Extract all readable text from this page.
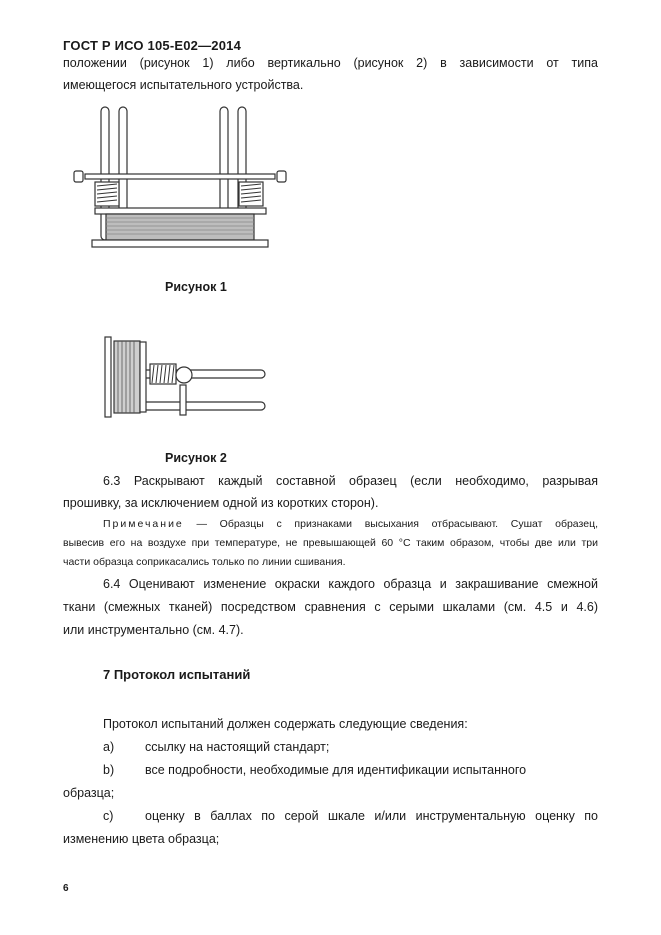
ГОСТ Р ИСО 105-E02—2014
положении (рисунок 1) либо вертикально (рисунок 2) в зависимости от типа
имеющегося испытательного устройства.
Рисунок 1
Рисунок 2
6.3 Раскрывают каждый составной образец (если необходимо, разрывая
прошивку, за исключением одной из коротких сторон).
Примечание — Образцы с признаками высыхания отбрасывают. Сушат образец,
вывесив его на воздухе при температуре, не превышающей 60 °С таким образом, чтобы две или три
части образца соприкасались только по линии сшивания.
6.4 Оценивают изменение окраски каждого образца и закрашивание смежной
ткани (смежных тканей) посредством сравнения с серыми шкалами (см. 4.5 и 4.6)
или инструментально (см. 4.7).
7 Протокол испытаний
Протокол испытаний должен содержать следующие сведения:
a) ссылку на настоящий стандарт;
b) все подробности, необходимые для идентификации испытанного
образца;
c)	оценку в баллах по серой шкале и/или инструментальную оценку по
изменению цвета образца;
6
